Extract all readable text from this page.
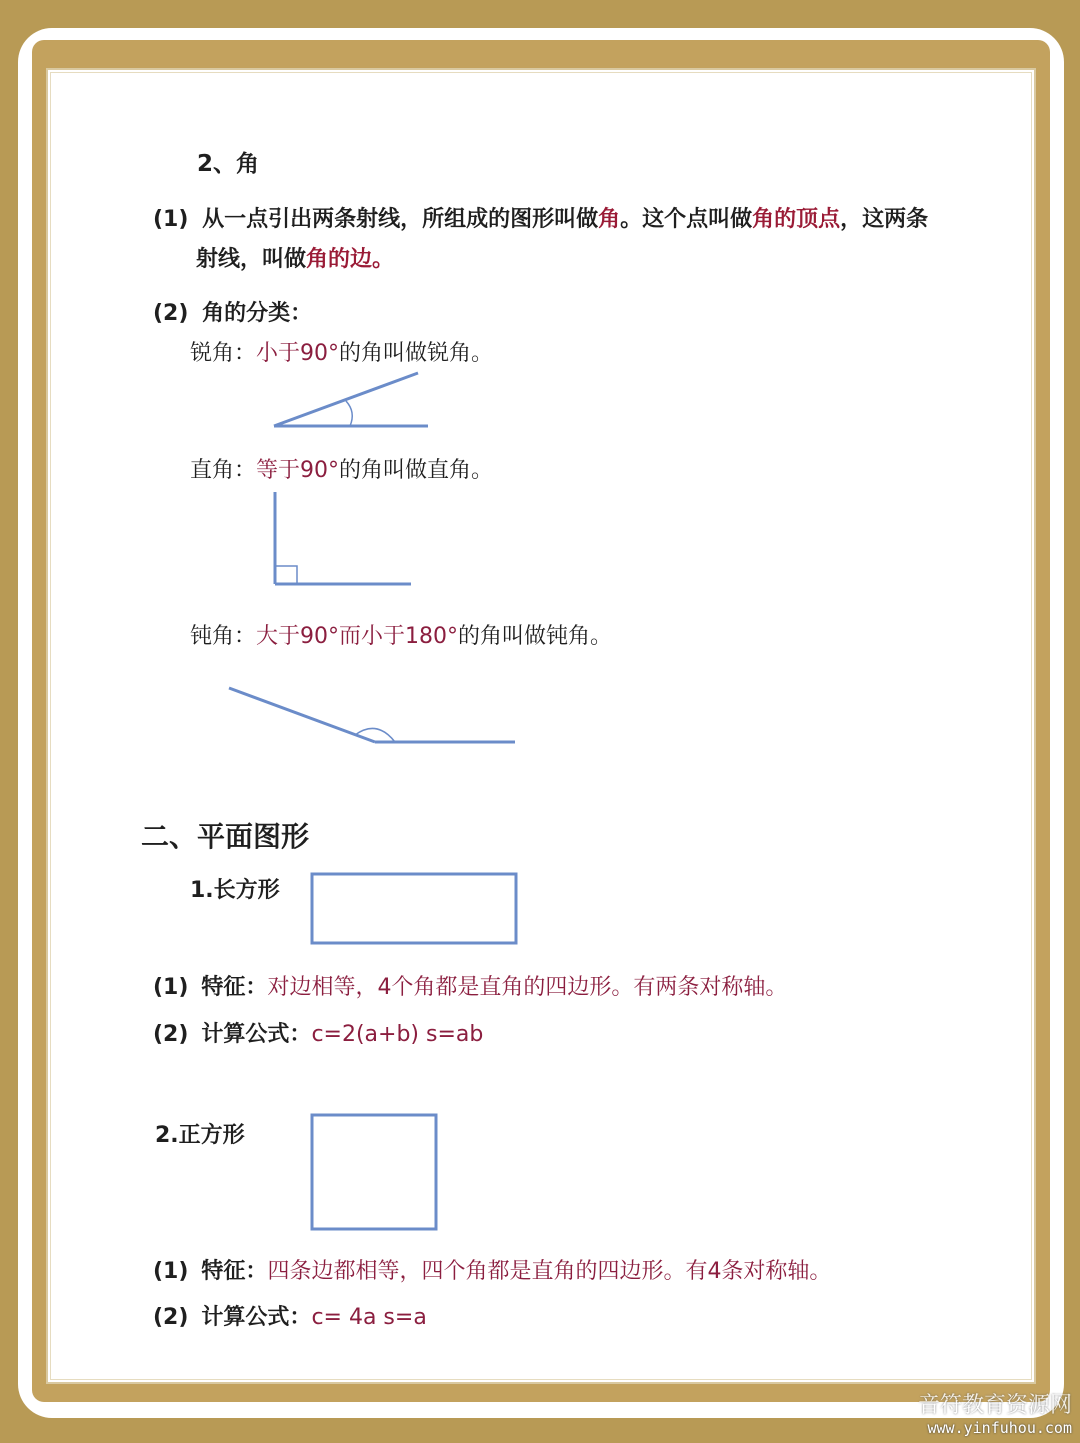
2、角
(1) 从一点引出两条射线，所组成的图形叫做角。这个点叫做角的顶点，这两条
射线，叫做角的边。
(2) 角的分类：
锐角：小于90°的角叫做锐角。
直角：等于90°的角叫做直角。
钝角：大于90°而小于180°的角叫做钝角。
二、平面图形
1.长方形
(1) 特征：对边相等，4个角都是直角的四边形。有两条对称轴。
(2) 计算公式：c=2(a+b) s=ab
2.正方形
(1) 特征：四条边都相等，四个角都是直角的四边形。有4条对称轴。
(2) 计算公式：c= 4a s=a
音符教育资源网
www.yinfuhou.com
